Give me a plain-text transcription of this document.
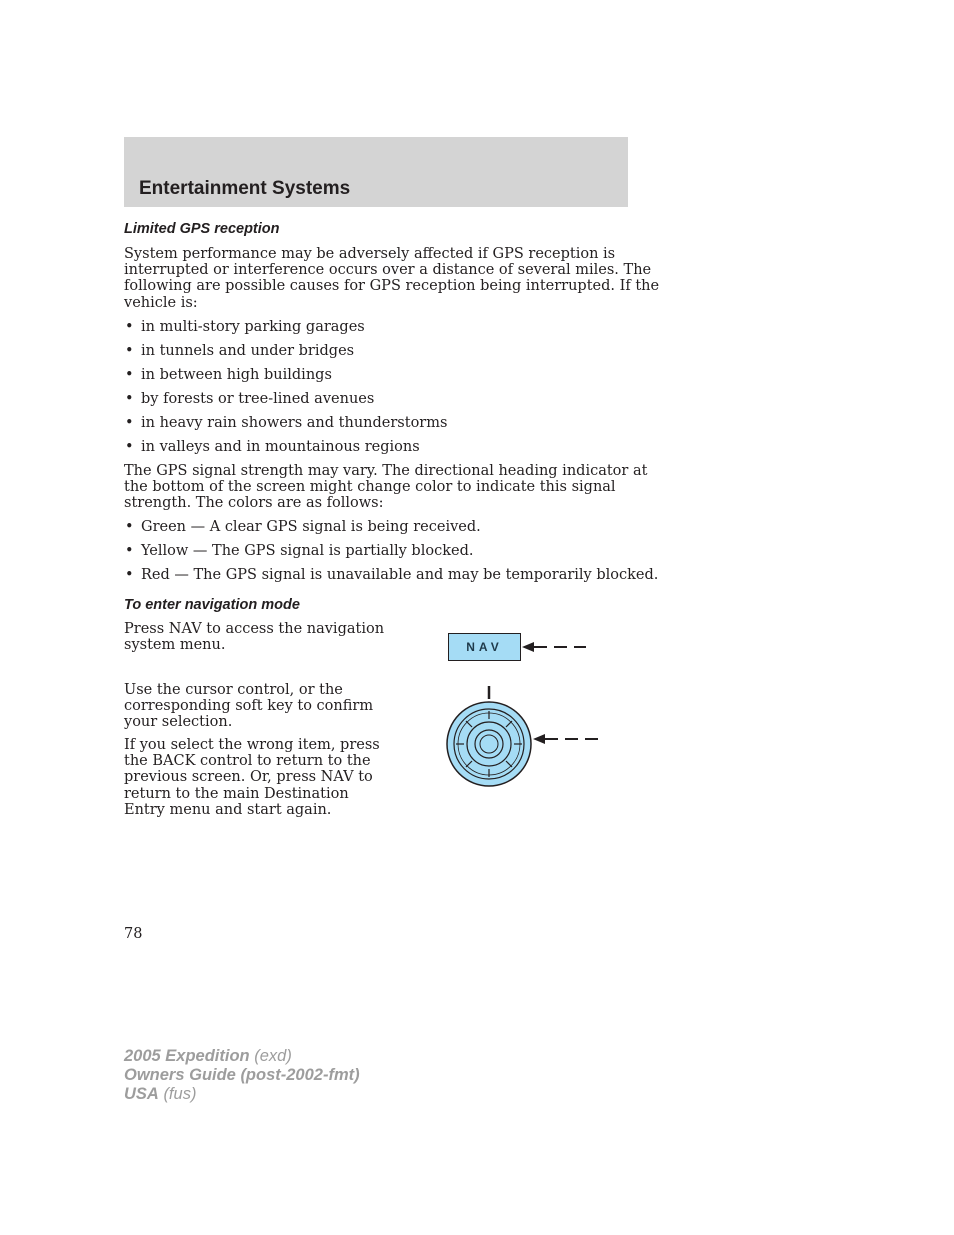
Entertainment Systems
Limited GPS reception

System performance may be adversely affected if GPS reception is
interrupted or interference occurs over a distance of several miles. The
following are possible causes for GPS reception being interrupted. If the
vehicle is:

• in multi-story parking garages
• in tunnels and under bridges
• in between high buildings
• by forests or tree-lined avenues
• in heavy rain showers and thunderstorms
• in valleys and in mountainous regions

The GPS signal strength may vary. The directional heading indicator at
the bottom of the screen might change color to indicate this signal
strength. The colors are as follows:

• Green — A clear GPS signal is being received.
• Yellow — The GPS signal is partially blocked.
• Red — The GPS signal is unavailable and may be temporarily blocked.
To enter navigation mode

Press NAV to access the navigation
system menu.

Use the cursor control, or the
corresponding soft key to confirm
your selection.

If you select the wrong item, press
the BACK control to return to the
previous screen. Or, press NAV to
return to the main Destination
Entry menu and start again.

NAV

78

2005 Expedition (exd)
Owners Guide (post-2002-fmt)
USA (fus)
